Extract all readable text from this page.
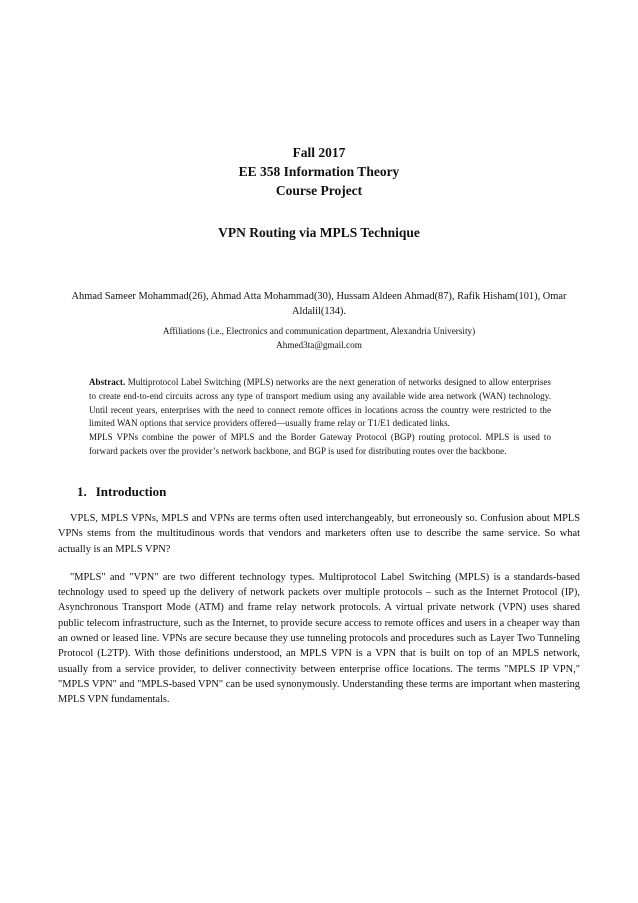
Fall 2017
EE 358 Information Theory
Course Project
VPN Routing via MPLS Technique
Ahmad Sameer Mohammad(26), Ahmad Atta Mohammad(30), Hussam Aldeen Ahmad(87), Rafik Hisham(101), Omar Aldalil(134).
Affiliations (i.e., Electronics and communication department, Alexandria University)
Ahmed3ta@gmail.com

Abstract. Multiprotocol Label Switching (MPLS) networks are the next generation of networks designed to allow enterprises to create end-to-end circuits across any type of transport medium using any available wide area network (WAN) technology. Until recent years, enterprises with the need to connect remote offices in locations across the country were restricted to the limited WAN options that service providers offered—usually frame relay or T1/E1 dedicated links.

MPLS VPNs combine the power of MPLS and the Border Gateway Protocol (BGP) routing protocol. MPLS is used to forward packets over the provider’s network backbone, and BGP is used for distributing routes over the backbone.

1. Introduction

VPLS, MPLS VPNs, MPLS and VPNs are terms often used interchangeably, but erroneously so. Confusion about MPLS VPNs stems from the multitudinous words that vendors and marketers often use to describe the same service. So what actually is an MPLS VPN?

"MPLS" and "VPN" are two different technology types. Multiprotocol Label Switching (MPLS) is a standards-based technology used to speed up the delivery of network packets over multiple protocols – such as the Internet Protocol (IP), Asynchronous Transport Mode (ATM) and frame relay network protocols. A virtual private network (VPN) uses shared public telecom infrastructure, such as the Internet, to provide secure access to remote offices and users in a cheaper way than an owned or leased line. VPNs are secure because they use tunneling protocols and procedures such as Layer Two Tunneling Protocol (L2TP). With those definitions understood, an MPLS VPN is a VPN that is built on top of an MPLS network, usually from a service provider, to deliver connectivity between enterprise office locations. The terms "MPLS IP VPN," "MPLS VPN" and "MPLS-based VPN" can be used synonymously. Understanding these terms are important when mastering MPLS VPN fundamentals.
